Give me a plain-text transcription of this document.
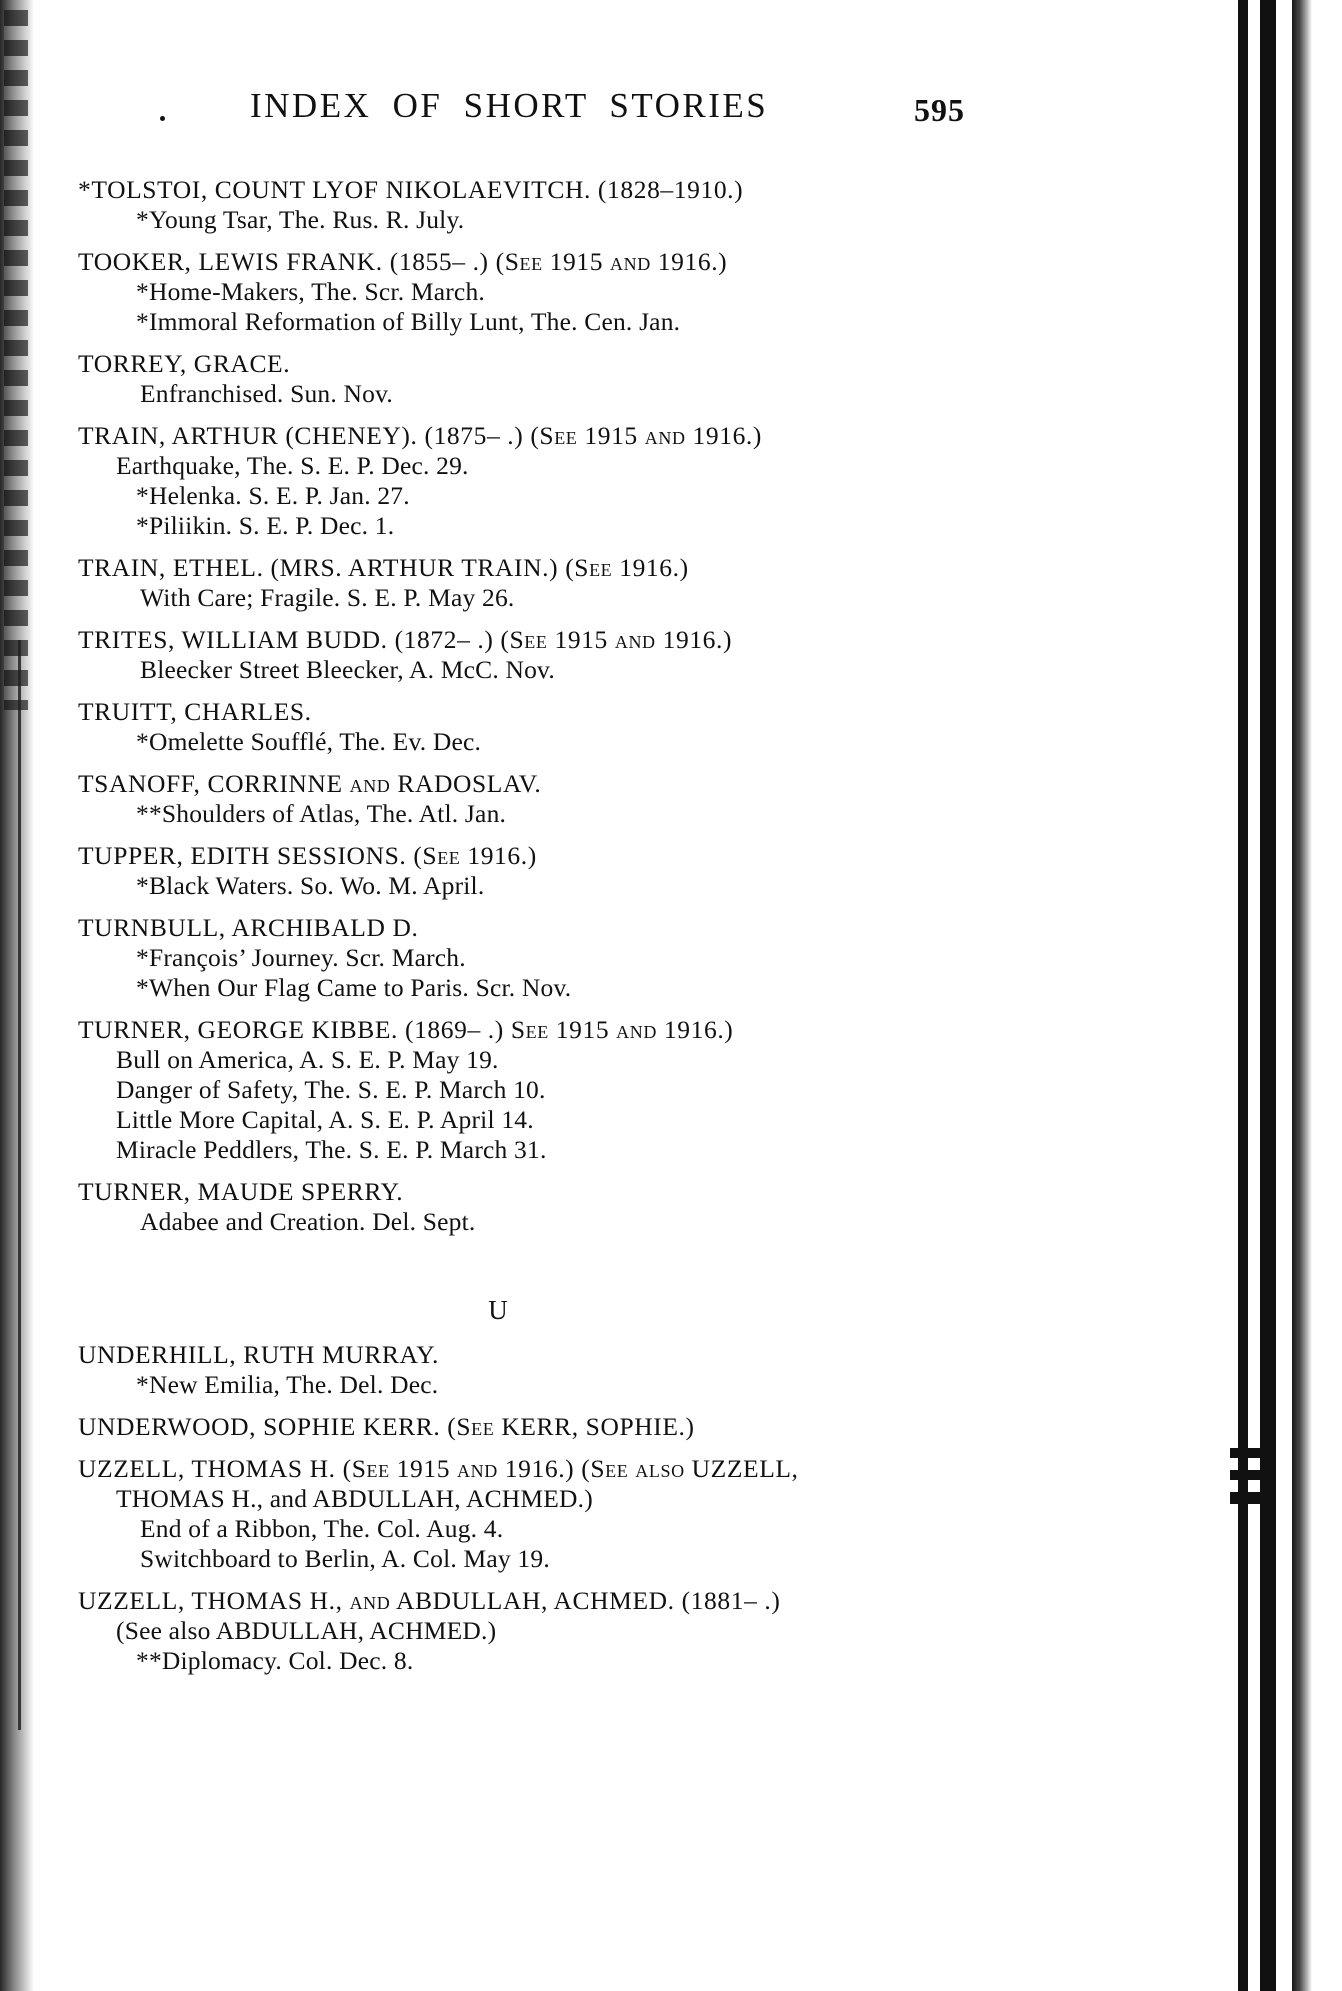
INDEX OF SHORT STORIES	595
*TOLSTOI, COUNT LYOF NIKOLAEVITCH. (1828–1910.)
*Young Tsar, The. Rus. R. July.
TOOKER, LEWIS FRANK. (1855– .) (See 1915 and 1916.)
*Home-Makers, The. Scr. March.
*Immoral Reformation of Billy Lunt, The. Cen. Jan.
TORREY, GRACE.
Enfranchised. Sun. Nov.
TRAIN, ARTHUR (CHENEY). (1875– .) (See 1915 and 1916.)
Earthquake, The. S. E. P. Dec. 29.
*Helenka. S. E. P. Jan. 27.
*Piliikin. S. E. P. Dec. 1.
TRAIN, ETHEL. (MRS. ARTHUR TRAIN.) (See 1916.)
With Care; Fragile. S. E. P. May 26.
TRITES, WILLIAM BUDD. (1872– .) (See 1915 and 1916.)
Bleecker Street Bleecker, A. McC. Nov.
TRUITT, CHARLES.
*Omelette Soufflé, The. Ev. Dec.
TSANOFF, CORRINNE and RADOSLAV.
**Shoulders of Atlas, The. Atl. Jan.
TUPPER, EDITH SESSIONS. (See 1916.)
*Black Waters. So. Wo. M. April.
TURNBULL, ARCHIBALD D.
*François’ Journey. Scr. March.
*When Our Flag Came to Paris. Scr. Nov.
TURNER, GEORGE KIBBE. (1869– .) See 1915 and 1916.)
Bull on America, A. S. E. P. May 19.
Danger of Safety, The. S. E. P. March 10.
Little More Capital, A. S. E. P. April 14.
Miracle Peddlers, The. S. E. P. March 31.
TURNER, MAUDE SPERRY.
Adabee and Creation. Del. Sept.
U
UNDERHILL, RUTH MURRAY.
*New Emilia, The. Del. Dec.
UNDERWOOD, SOPHIE KERR. (See KERR, SOPHIE.)
UZZELL, THOMAS H. (See 1915 and 1916.) (See also UZZELL,
THOMAS H., and ABDULLAH, ACHMED.)
End of a Ribbon, The. Col. Aug. 4.
Switchboard to Berlin, A. Col. May 19.
UZZELL, THOMAS H., and ABDULLAH, ACHMED. (1881– .)
(See also ABDULLAH, ACHMED.)
**Diplomacy. Col. Dec. 8.
